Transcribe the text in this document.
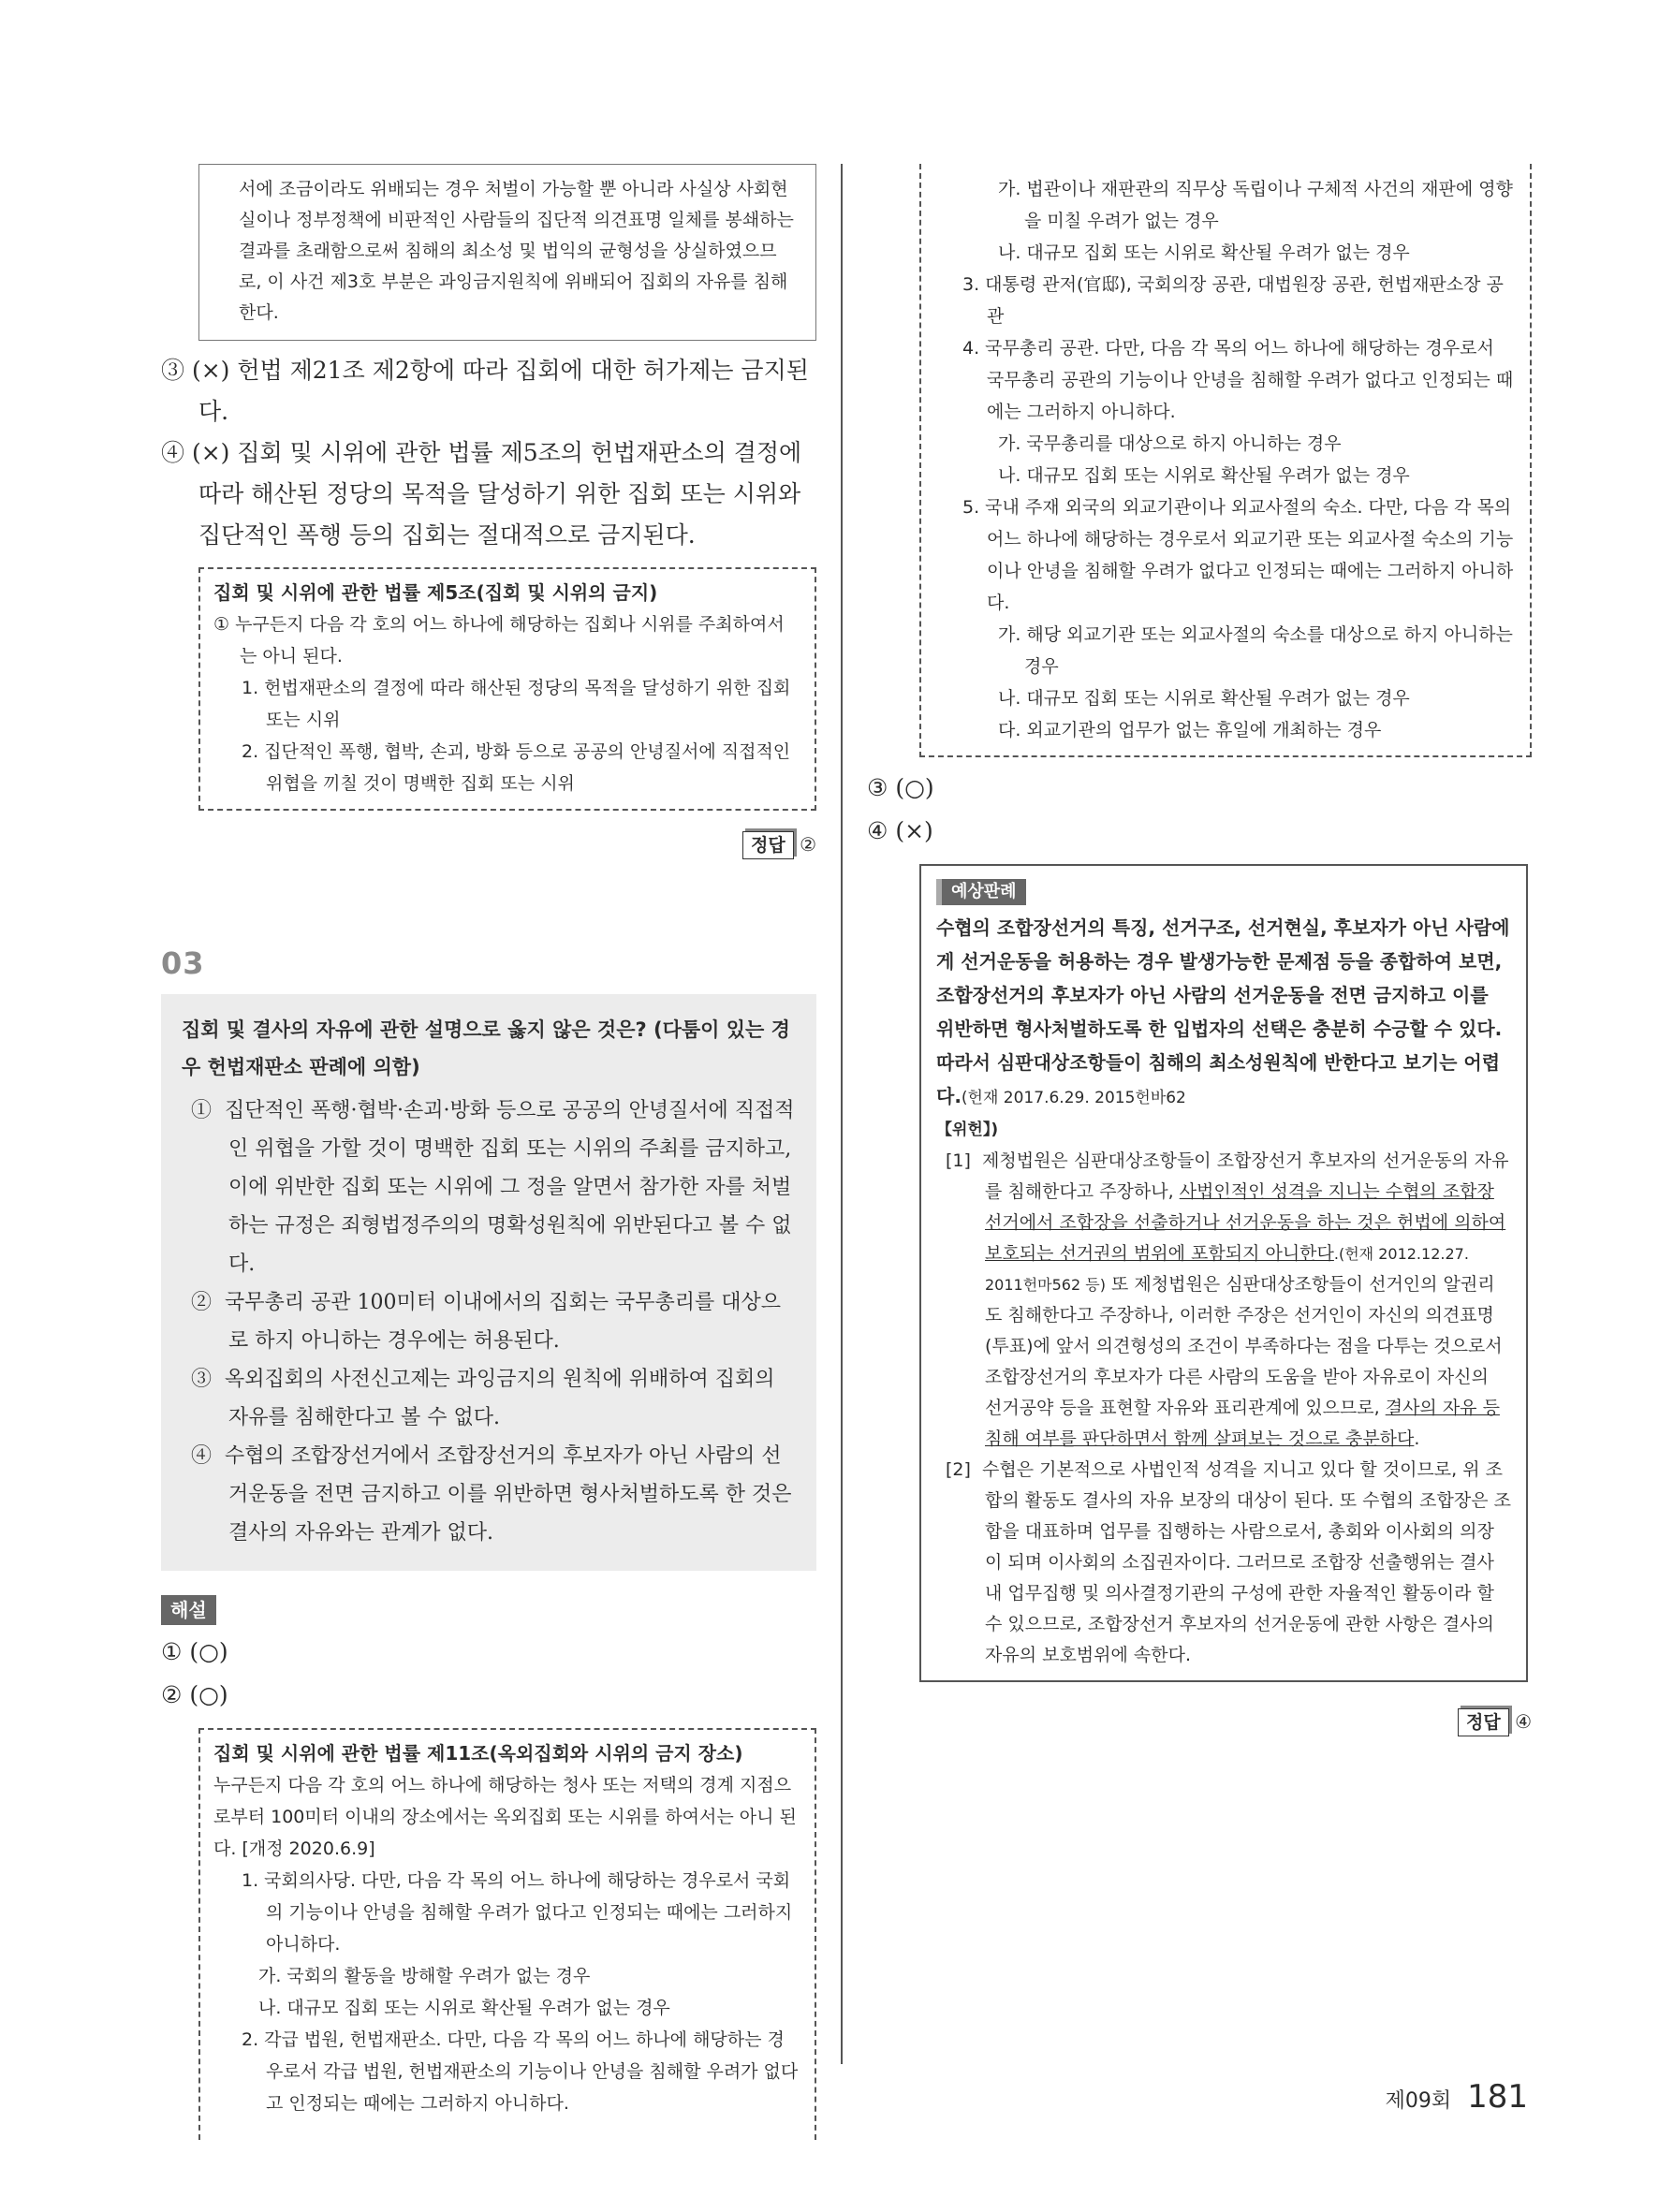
서에 조금이라도 위배되는 경우 처벌이 가능할 뿐 아니라 사실상 사회현실이나 정부정책에 비판적인 사람들의 집단적 의견표명 일체를 봉쇄하는 결과를 초래함으로써 침해의 최소성 및 법익의 균형성을 상실하였으므로, 이 사건 제3호 부분은 과잉금지원칙에 위배되어 집회의 자유를 침해한다.
③ (×) 헌법 제21조 제2항에 따라 집회에 대한 허가제는 금지된다.
④ (×) 집회 및 시위에 관한 법률 제5조의 헌법재판소의 결정에 따라 해산된 정당의 목적을 달성하기 위한 집회 또는 시위와 집단적인 폭행 등의 집회는 절대적으로 금지된다.
집회 및 시위에 관한 법률 제5조(집회 및 시위의 금지)
① 누구든지 다음 각 호의 어느 하나에 해당하는 집회나 시위를 주최하여서는 아니 된다.
1. 헌법재판소의 결정에 따라 해산된 정당의 목적을 달성하기 위한 집회 또는 시위
2. 집단적인 폭행, 협박, 손괴, 방화 등으로 공공의 안녕질서에 직접적인 위협을 끼칠 것이 명백한 집회 또는 시위
정답 ②
03
집회 및 결사의 자유에 관한 설명으로 옳지 않은 것은? (다툼이 있는 경우 헌법재판소 판례에 의함)
① 집단적인 폭행·협박·손괴·방화 등으로 공공의 안녕질서에 직접적인 위협을 가할 것이 명백한 집회 또는 시위의 주최를 금지하고, 이에 위반한 집회 또는 시위에 그 정을 알면서 참가한 자를 처벌하는 규정은 죄형법정주의의 명확성원칙에 위반된다고 볼 수 없다.
② 국무총리 공관 100미터 이내에서의 집회는 국무총리를 대상으로 하지 아니하는 경우에는 허용된다.
③ 옥외집회의 사전신고제는 과잉금지의 원칙에 위배하여 집회의 자유를 침해한다고 볼 수 없다.
④ 수협의 조합장선거에서 조합장선거의 후보자가 아닌 사람의 선거운동을 전면 금지하고 이를 위반하면 형사처벌하도록 한 것은 결사의 자유와는 관계가 없다.
해설
① (○)
② (○)
집회 및 시위에 관한 법률 제11조(옥외집회와 시위의 금지 장소)
누구든지 다음 각 호의 어느 하나에 해당하는 청사 또는 저택의 경계 지점으로부터 100미터 이내의 장소에서는 옥외집회 또는 시위를 하여서는 아니 된다. [개정 2020.6.9]
1. 국회의사당. 다만, 다음 각 목의 어느 하나에 해당하는 경우로서 국회의 기능이나 안녕을 침해할 우려가 없다고 인정되는 때에는 그러하지 아니하다.
가. 국회의 활동을 방해할 우려가 없는 경우
나. 대규모 집회 또는 시위로 확산될 우려가 없는 경우
2. 각급 법원, 헌법재판소. 다만, 다음 각 목의 어느 하나에 해당하는 경우로서 각급 법원, 헌법재판소의 기능이나 안녕을 침해할 우려가 없다고 인정되는 때에는 그러하지 아니하다.
가. 법관이나 재판관의 직무상 독립이나 구체적 사건의 재판에 영향을 미칠 우려가 없는 경우
나. 대규모 집회 또는 시위로 확산될 우려가 없는 경우
3. 대통령 관저(官邸), 국회의장 공관, 대법원장 공관, 헌법재판소장 공관
4. 국무총리 공관. 다만, 다음 각 목의 어느 하나에 해당하는 경우로서 국무총리 공관의 기능이나 안녕을 침해할 우려가 없다고 인정되는 때에는 그러하지 아니하다.
가. 국무총리를 대상으로 하지 아니하는 경우
나. 대규모 집회 또는 시위로 확산될 우려가 없는 경우
5. 국내 주재 외국의 외교기관이나 외교사절의 숙소. 다만, 다음 각 목의 어느 하나에 해당하는 경우로서 외교기관 또는 외교사절 숙소의 기능이나 안녕을 침해할 우려가 없다고 인정되는 때에는 그러하지 아니하다.
가. 해당 외교기관 또는 외교사절의 숙소를 대상으로 하지 아니하는 경우
나. 대규모 집회 또는 시위로 확산될 우려가 없는 경우
다. 외교기관의 업무가 없는 휴일에 개최하는 경우
③ (○)
④ (×)
예상판례
수협의 조합장선거의 특징, 선거구조, 선거현실, 후보자가 아닌 사람에게 선거운동을 허용하는 경우 발생가능한 문제점 등을 종합하여 보면, 조합장선거의 후보자가 아닌 사람의 선거운동을 전면 금지하고 이를 위반하면 형사처벌하도록 한 입법자의 선택은 충분히 수긍할 수 있다. 따라서 심판대상조항들이 침해의 최소성원칙에 반한다고 보기는 어렵다.(헌재 2017.6.29. 2015헌바62
【위헌】)
[1] 제청법원은 심판대상조항들이 조합장선거 후보자의 선거운동의 자유를 침해한다고 주장하나, 사법인적인 성격을 지니는 수협의 조합장선거에서 조합장을 선출하거나 선거운동을 하는 것은 헌법에 의하여 보호되는 선거권의 범위에 포함되지 아니한다.(헌재 2012.12.27. 2011헌마562 등) 또 제청법원은 심판대상조항들이 선거인의 알권리도 침해한다고 주장하나, 이러한 주장은 선거인이 자신의 의견표명(투표)에 앞서 의견형성의 조건이 부족하다는 점을 다투는 것으로서 조합장선거의 후보자가 다른 사람의 도움을 받아 자유로이 자신의 선거공약 등을 표현할 자유와 표리관계에 있으므로, 결사의 자유 등 침해 여부를 판단하면서 함께 살펴보는 것으로 충분하다.
[2] 수협은 기본적으로 사법인적 성격을 지니고 있다 할 것이므로, 위 조합의 활동도 결사의 자유 보장의 대상이 된다. 또 수협의 조합장은 조합을 대표하며 업무를 집행하는 사람으로서, 총회와 이사회의 의장이 되며 이사회의 소집권자이다. 그러므로 조합장 선출행위는 결사 내 업무집행 및 의사결정기관의 구성에 관한 자율적인 활동이라 할 수 있으므로, 조합장선거 후보자의 선거운동에 관한 사항은 결사의 자유의 보호범위에 속한다.
정답 ④
제09회 181
